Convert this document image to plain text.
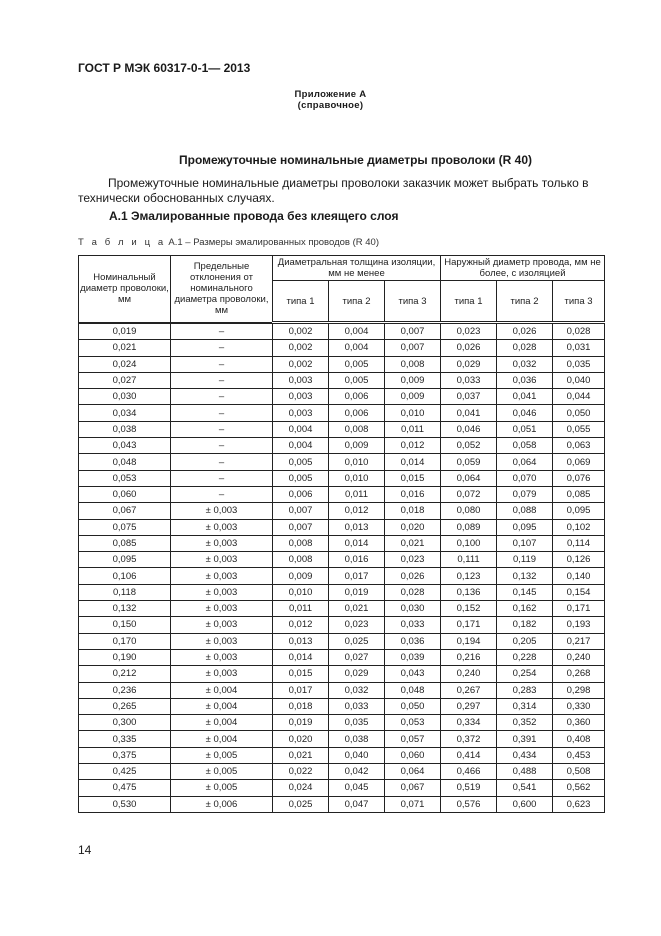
ГОСТ Р МЭК 60317-0-1— 2013
Приложение А
(справочное)
Промежуточные номинальные диаметры проволоки (R 40)
Промежуточные номинальные диаметры проволоки заказчик может выбрать только в технически обоснованных случаях.
А.1 Эмалированные провода без клеящего слоя
Т а б л и ц а А.1 – Размеры эмалированных проводов (R 40)
Номинальный диаметр проволоки, мм	Предельные отклонения от номинального диаметра проволоки, мм	Диаметральная толщина изоляции, мм не менее			Наружный диаметр провода, мм не более, с изоляцией		
		типа 1	типа 2	типа 3	типа 1	типа 2	типа 3
0,019	–	0,002	0,004	0,007	0,023	0,026	0,028
0,021	–	0,002	0,004	0,007	0,026	0,028	0,031
0,024	–	0,002	0,005	0,008	0,029	0,032	0,035
0,027	–	0,003	0,005	0,009	0,033	0,036	0,040
0,030	–	0,003	0,006	0,009	0,037	0,041	0,044
0,034	–	0,003	0,006	0,010	0,041	0,046	0,050
0,038	–	0,004	0,008	0,011	0,046	0,051	0,055
0,043	–	0,004	0,009	0,012	0,052	0,058	0,063
0,048	–	0,005	0,010	0,014	0,059	0,064	0,069
0,053	–	0,005	0,010	0,015	0,064	0,070	0,076
0,060	–	0,006	0,011	0,016	0,072	0,079	0,085
0,067	± 0,003	0,007	0,012	0,018	0,080	0,088	0,095
0,075	± 0,003	0,007	0,013	0,020	0,089	0,095	0,102
0,085	± 0,003	0,008	0,014	0,021	0,100	0,107	0,114
0,095	± 0,003	0,008	0,016	0,023	0,111	0,119	0,126
0,106	± 0,003	0,009	0,017	0,026	0,123	0,132	0,140
0,118	± 0,003	0,010	0,019	0,028	0,136	0,145	0,154
0,132	± 0,003	0,011	0,021	0,030	0,152	0,162	0,171
0,150	± 0,003	0,012	0,023	0,033	0,171	0,182	0,193
0,170	± 0,003	0,013	0,025	0,036	0,194	0,205	0,217
0,190	± 0,003	0,014	0,027	0,039	0,216	0,228	0,240
0,212	± 0,003	0,015	0,029	0,043	0,240	0,254	0,268
0,236	± 0,004	0,017	0,032	0,048	0,267	0,283	0,298
0,265	± 0,004	0,018	0,033	0,050	0,297	0,314	0,330
0,300	± 0,004	0,019	0,035	0,053	0,334	0,352	0,360
0,335	± 0,004	0,020	0,038	0,057	0,372	0,391	0,408
0,375	± 0,005	0,021	0,040	0,060	0,414	0,434	0,453
0,425	± 0,005	0,022	0,042	0,064	0,466	0,488	0,508
0,475	± 0,005	0,024	0,045	0,067	0,519	0,541	0,562
0,530	± 0,006	0,025	0,047	0,071	0,576	0,600	0,623
14
